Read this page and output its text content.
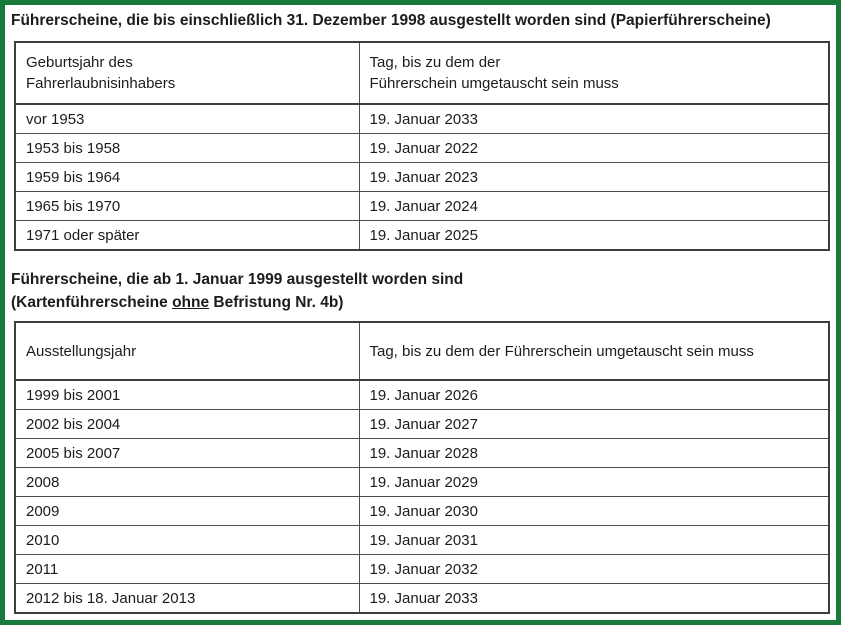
Führerscheine, die bis einschließlich 31. Dezember 1998 ausgestellt worden sind (Papierführerscheine)
Geburtsjahr des
Fahrerlaubnisinhabers

Tag, bis zu dem der
Führerschein umgetauscht sein muss

vor 1953	19. Januar 2033
1953 bis 1958	19. Januar 2022
1959 bis 1964	19. Januar 2023
1965 bis 1970	19. Januar 2024
1971 oder später	19. Januar 2025
Führerscheine, die ab 1. Januar 1999 ausgestellt worden sind
(Kartenführerscheine ohne Befristung Nr. 4b)
Ausstellungsjahr	Tag, bis zu dem der Führerschein umgetauscht sein muss
1999 bis 2001	19. Januar 2026
2002 bis 2004	19. Januar 2027
2005 bis 2007	19. Januar 2028
2008	19. Januar 2029
2009	19. Januar 2030
2010	19. Januar 2031
2011	19. Januar 2032
2012 bis 18. Januar 2013	19. Januar 2033
